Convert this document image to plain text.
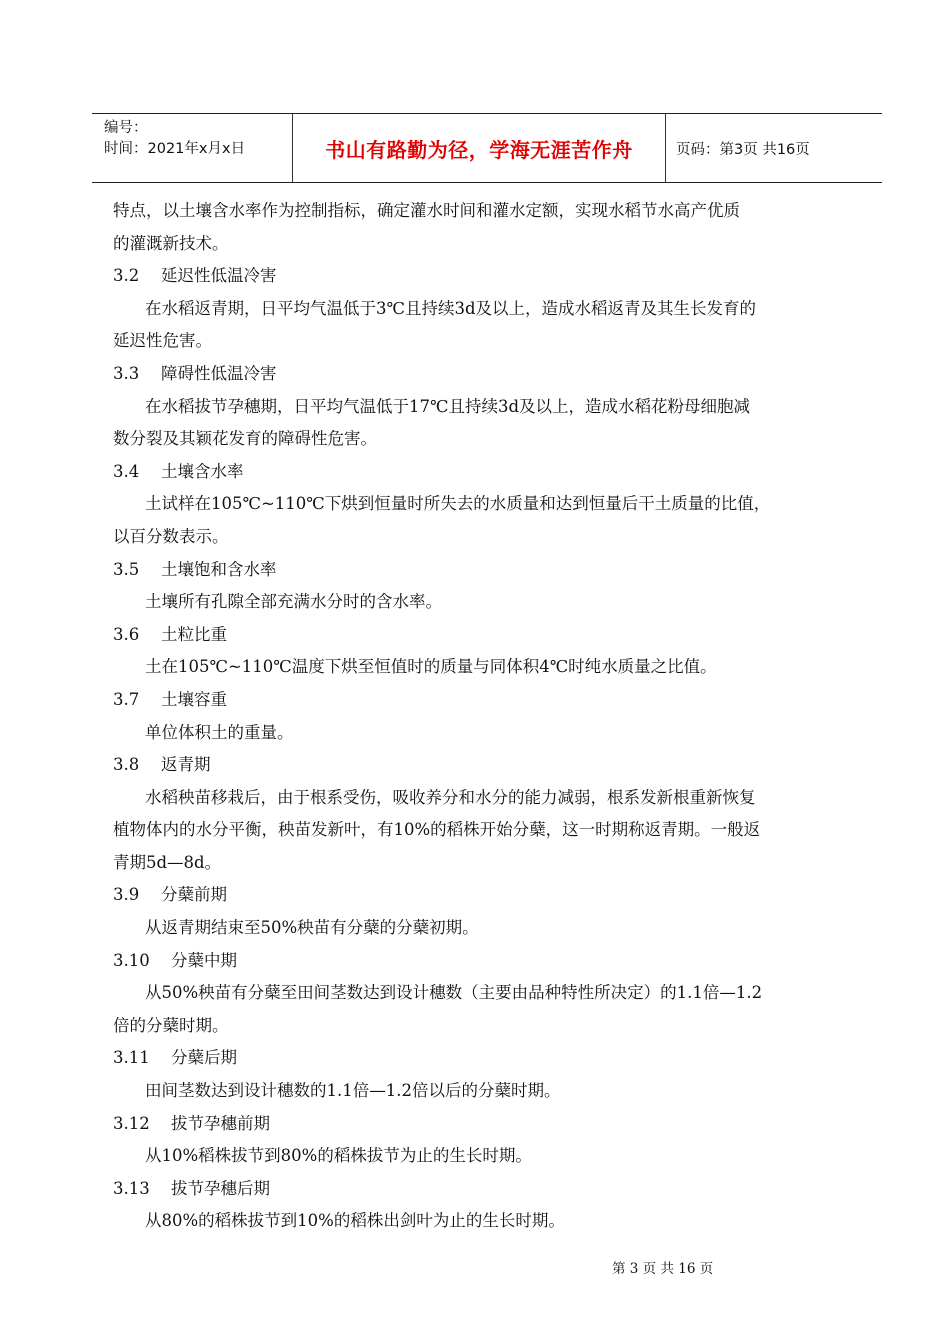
编号：
时间：2021年x月x日	书山有路勤为径，学海无涯苦作舟	页码：第3页 共16页
特点，以土壤含水率作为控制指标，确定灌水时间和灌水定额，实现水稻节水高产优质
的灌溉新技术。
3.2 延迟性低温冷害
在水稻返青期，日平均气温低于3℃且持续3d及以上，造成水稻返青及其生长发育的
延迟性危害。
3.3 障碍性低温冷害
在水稻拔节孕穗期，日平均气温低于17℃且持续3d及以上，造成水稻花粉母细胞减
数分裂及其颖花发育的障碍性危害。
3.4 土壤含水率
土试样在105℃~110℃下烘到恒量时所失去的水质量和达到恒量后干土质量的比值，
以百分数表示。
3.5 土壤饱和含水率
土壤所有孔隙全部充满水分时的含水率。
3.6 土粒比重
土在105℃~110℃温度下烘至恒值时的质量与同体积4℃时纯水质量之比值。
3.7 土壤容重
单位体积土的重量。
3.8 返青期
水稻秧苗移栽后，由于根系受伤，吸收养分和水分的能力减弱，根系发新根重新恢复
植物体内的水分平衡，秧苗发新叶，有10%的稻株开始分蘖，这一时期称返青期。一般返
青期5d—8d。
3.9 分蘖前期
从返青期结束至50%秧苗有分蘖的分蘖初期。
3.10 分蘖中期
从50%秧苗有分蘖至田间茎数达到设计穗数（主要由品种特性所决定）的1.1倍—1.2
倍的分蘖时期。
3.11 分蘖后期
田间茎数达到设计穗数的1.1倍—1.2倍以后的分蘖时期。
3.12 拔节孕穗前期
从10%稻株拔节到80%的稻株拔节为止的生长时期。
3.13 拔节孕穗后期
从80%的稻株拔节到10%的稻株出剑叶为止的生长时期。
第 3 页 共 16 页
